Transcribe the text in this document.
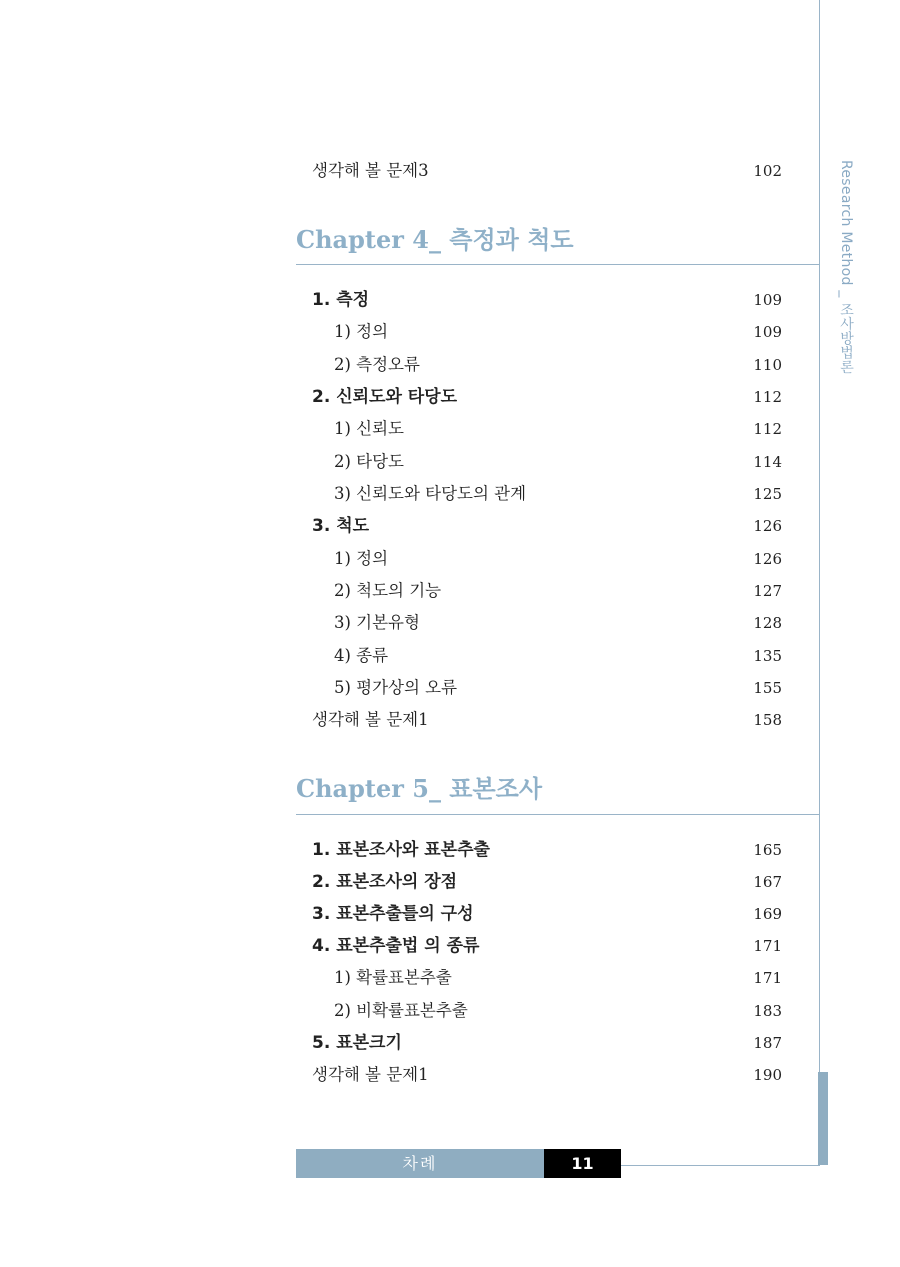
Research Method _ 조사방법론
생각해 볼 문제3	102
Chapter 4_ 측정과 척도
1. 측정	109
1) 정의	109
2) 측정오류	110
2. 신뢰도와 타당도	112
1) 신뢰도	112
2) 타당도	114
3) 신뢰도와 타당도의 관계	125
3. 척도	126
1) 정의	126
2) 척도의 기능	127
3) 기본유형	128
4) 종류	135
5) 평가상의 오류	155
생각해 볼 문제1	158
Chapter 5_ 표본조사
1. 표본조사와 표본추출	165
2. 표본조사의 장점	167
3. 표본추출틀의 구성	169
4. 표본추출법 의 종류	171
1) 확률표본추출	171
2) 비확률표본추출	183
5. 표본크기	187
생각해 볼 문제1	190
차례	11
